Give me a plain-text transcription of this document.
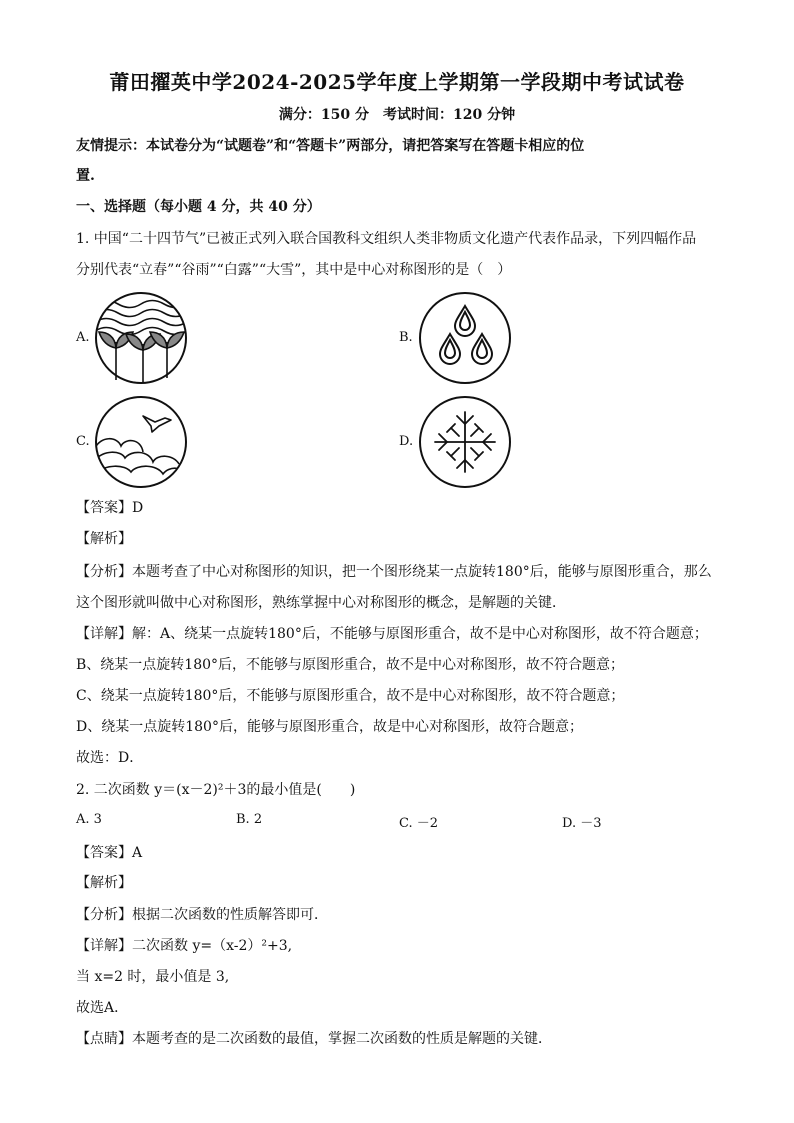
莆田擢英中学2024-2025学年度上学期第一学段期中考试试卷
满分：150 分　考试时间：120 分钟
友情提示：本试卷分为“试题卷”和“答题卡”两部分，请把答案写在答题卡相应的位
置.
一、选择题（每小题 4 分，共 40 分）
1. 中国“二十四节气”已被正式列入联合国教科文组织人类非物质文化遗产代表作品录，下列四幅作品
分别代表“立春”“谷雨”“白露”“大雪”，其中是中心对称图形的是（　）
A.	B.
C.	D.
【答案】D
【解析】
【分析】本题考查了中心对称图形的知识，把一个图形绕某一点旋转180°后，能够与原图形重合，那么
这个图形就叫做中心对称图形，熟练掌握中心对称图形的概念，是解题的关键．
【详解】解：A、绕某一点旋转180°后，不能够与原图形重合，故不是中心对称图形，故不符合题意；
B、绕某一点旋转180°后，不能够与原图形重合，故不是中心对称图形，故不符合题意；
C、绕某一点旋转180°后，不能够与原图形重合，故不是中心对称图形，故不符合题意；
D、绕某一点旋转180°后，能够与原图形重合，故是中心对称图形，故符合题意；
故选：D．
2. 二次函数 y＝(x－2)²＋3的最小值是(　　)
A. 3	B. 2	C. －2	D. －3
【答案】A
【解析】
【分析】根据二次函数的性质解答即可．
【详解】二次函数 y=（x-2）²+3,
当 x=2 时，最小值是 3,
故选A．
【点睛】本题考查的是二次函数的最值，掌握二次函数的性质是解题的关键．
